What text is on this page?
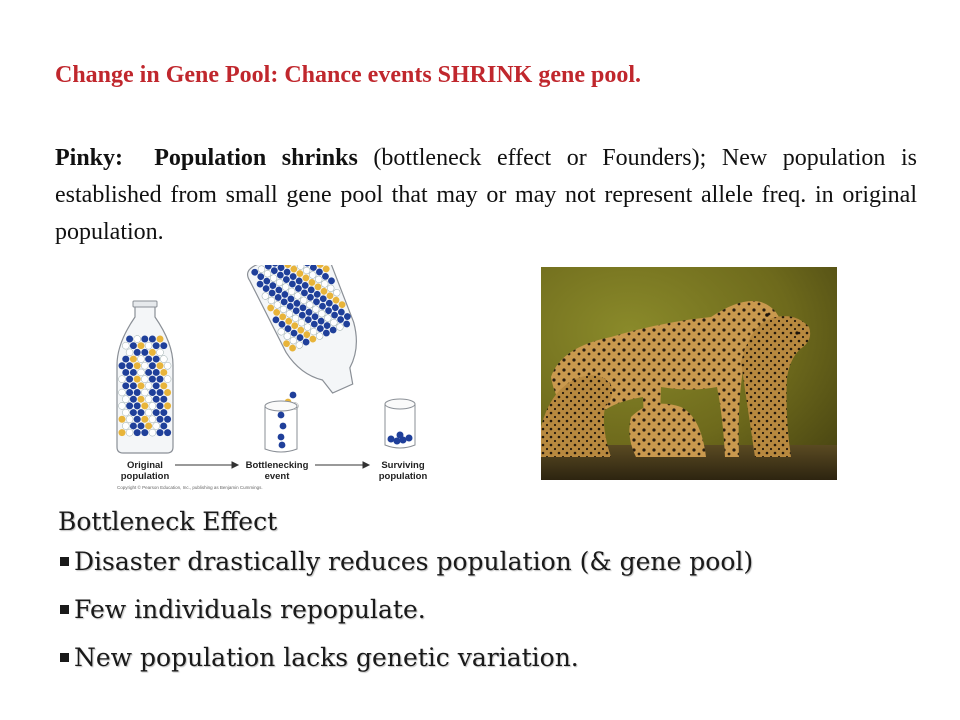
Change in Gene Pool: Chance events SHRINK gene pool.
Pinky: Population shrinks (bottleneck effect or Founders); New population is established from small gene pool that may or may not represent allele freq. in original population.
Original
population
Bottlenecking
event
Surviving
population
Copyright © Pearson Education, Inc., publishing as Benjamin Cummings.
Bottleneck Effect
Disaster drastically reduces population (& gene pool)
Few individuals repopulate.
New population lacks genetic variation.
